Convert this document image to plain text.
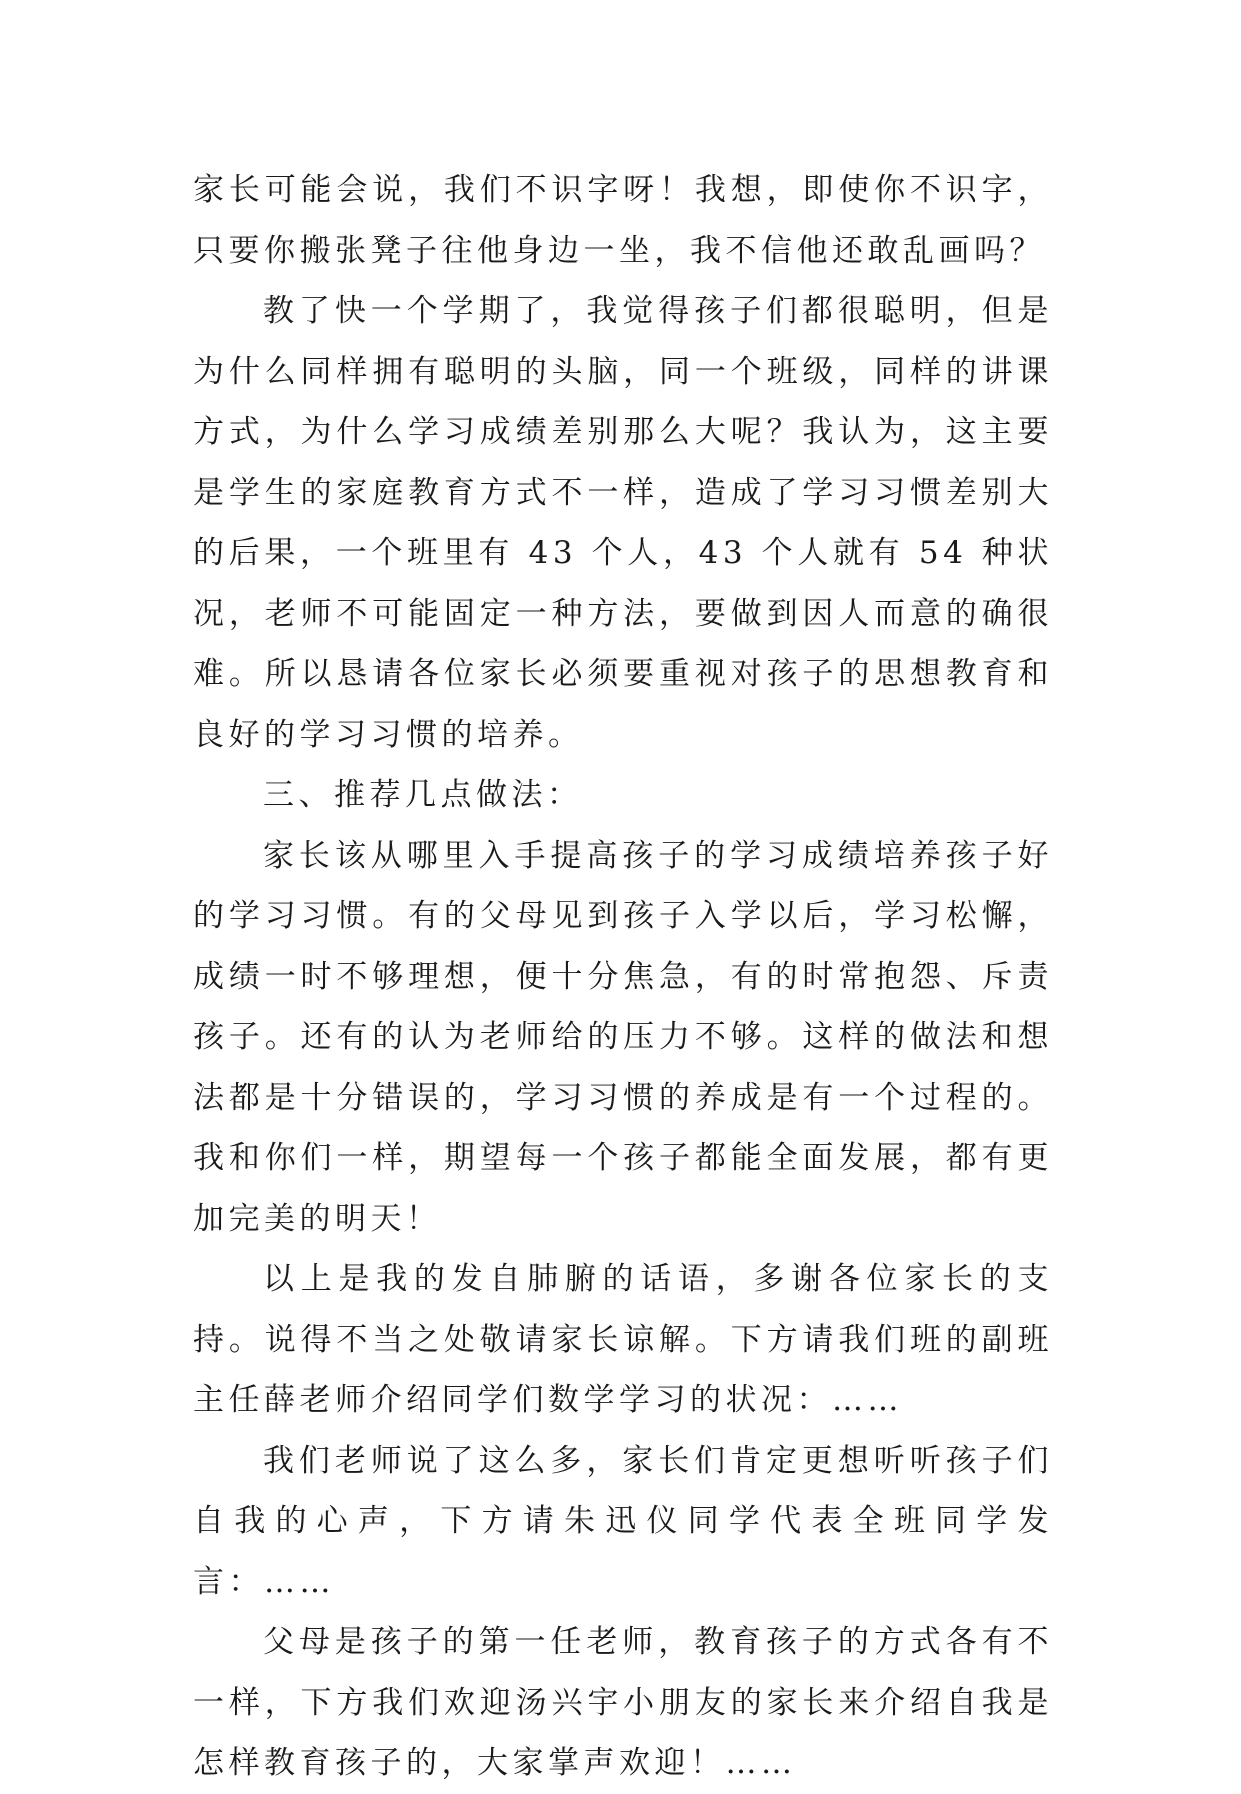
家长可能会说，我们不识字呀！我想，即使你不识字，只要你搬张凳子往他身边一坐，我不信他还敢乱画吗？

教了快一个学期了，我觉得孩子们都很聪明，但是为什么同样拥有聪明的头脑，同一个班级，同样的讲课方式，为什么学习成绩差别那么大呢？我认为，这主要是学生的家庭教育方式不一样，造成了学习习惯差别大的后果，一个班里有 43 个人，43 个人就有 54 种状况，老师不可能固定一种方法，要做到因人而意的确很难。所以恳请各位家长必须要重视对孩子的思想教育和良好的学习习惯的培养。

三、推荐几点做法：

家长该从哪里入手提高孩子的学习成绩培养孩子好的学习习惯。有的父母见到孩子入学以后，学习松懈，成绩一时不够理想，便十分焦急，有的时常抱怨、斥责孩子。还有的认为老师给的压力不够。这样的做法和想法都是十分错误的，学习习惯的养成是有一个过程的。我和你们一样，期望每一个孩子都能全面发展，都有更加完美的明天！

以上是我的发自肺腑的话语，多谢各位家长的支持。说得不当之处敬请家长谅解。下方请我们班的副班主任薛老师介绍同学们数学学习的状况：……

我们老师说了这么多，家长们肯定更想听听孩子们自我的心声，下方请朱迅仪同学代表全班同学发言：……

父母是孩子的第一任老师，教育孩子的方式各有不一样，下方我们欢迎汤兴宇小朋友的家长来介绍自我是怎样教育孩子的，大家掌声欢迎！……
